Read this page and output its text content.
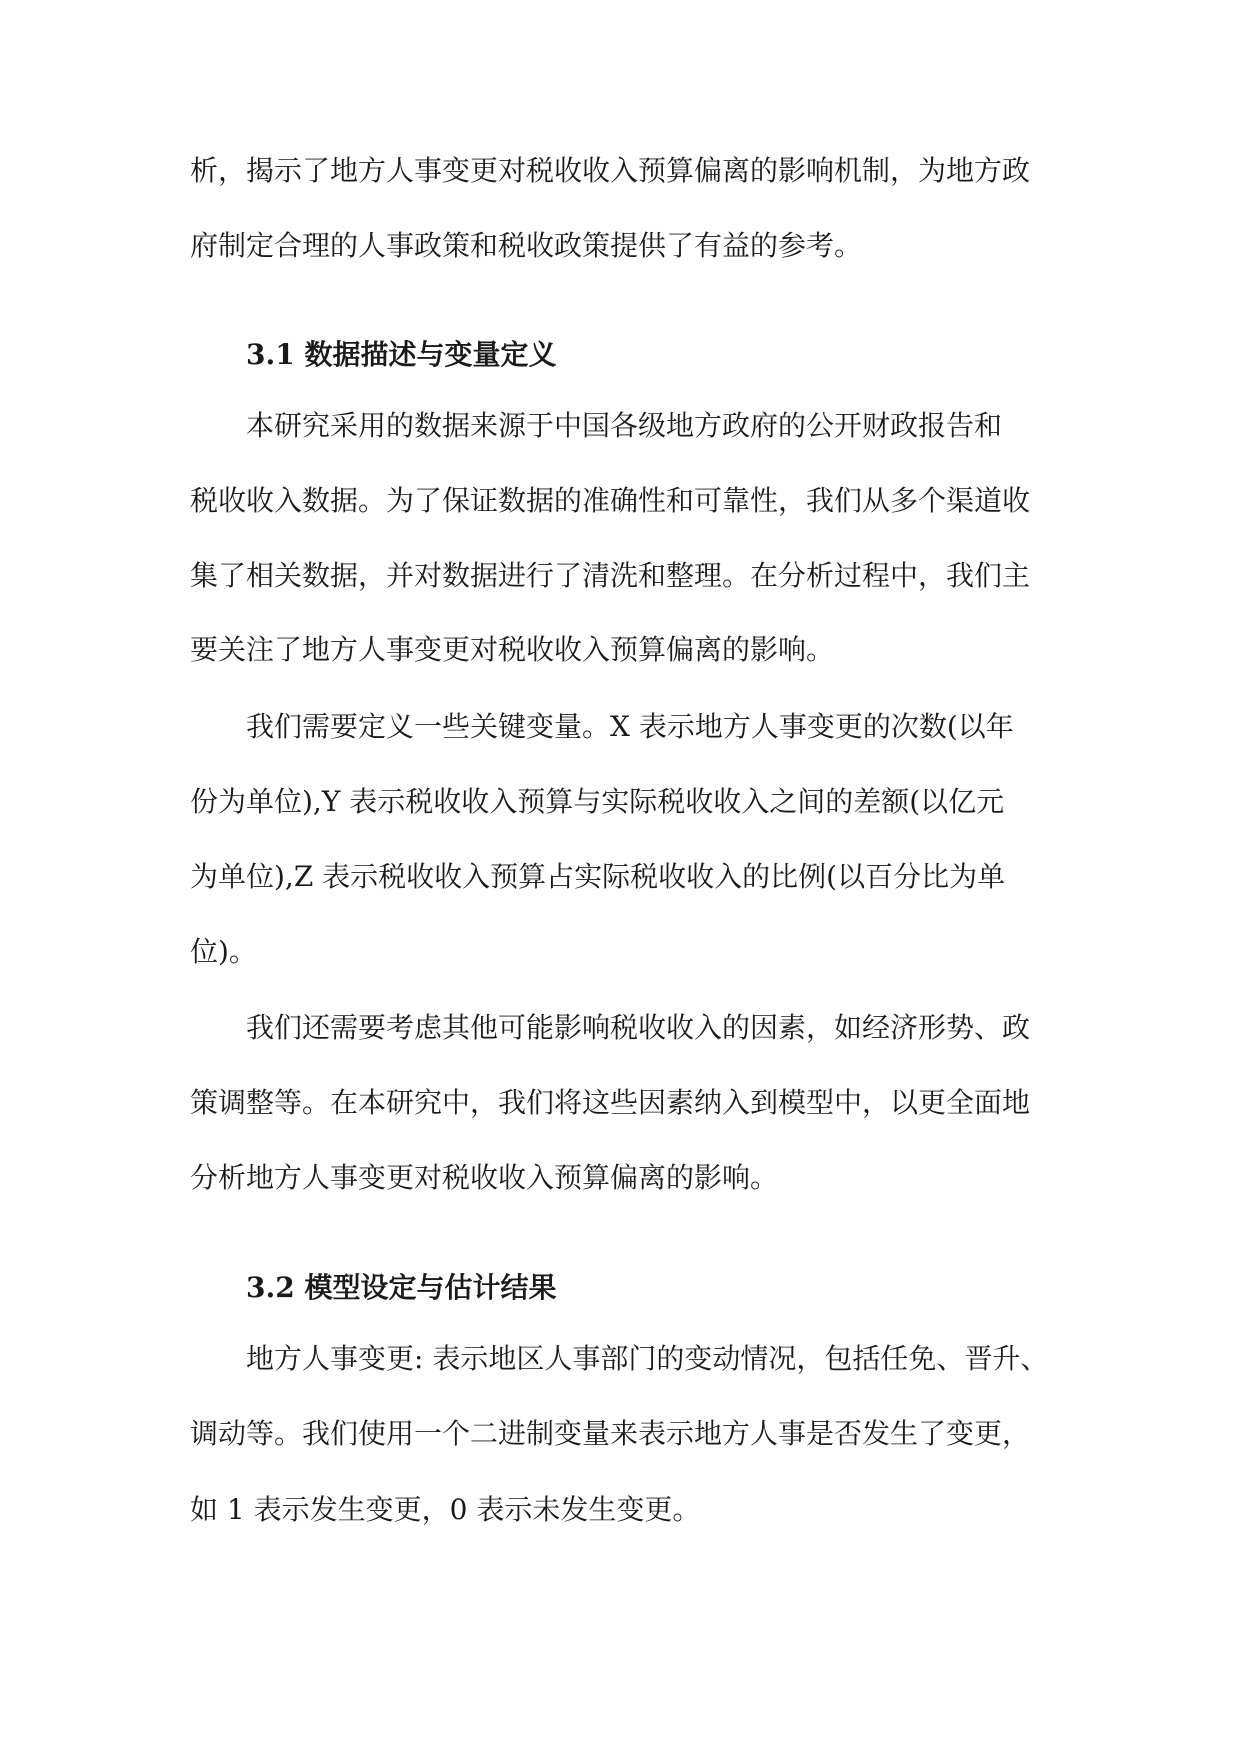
析，揭示了地方人事变更对税收收入预算偏离的影响机制，为地方政
府制定合理的人事政策和税收政策提供了有益的参考。
3.1 数据描述与变量定义
本研究采用的数据来源于中国各级地方政府的公开财政报告和
税收收入数据。为了保证数据的准确性和可靠性，我们从多个渠道收
集了相关数据，并对数据进行了清洗和整理。在分析过程中，我们主
要关注了地方人事变更对税收收入预算偏离的影响。
我们需要定义一些关键变量。X 表示地方人事变更的次数(以年
份为单位),Y 表示税收收入预算与实际税收收入之间的差额(以亿元
为单位),Z 表示税收收入预算占实际税收收入的比例(以百分比为单
位)。
我们还需要考虑其他可能影响税收收入的因素，如经济形势、政
策调整等。在本研究中，我们将这些因素纳入到模型中，以更全面地
分析地方人事变更对税收收入预算偏离的影响。
3.2 模型设定与估计结果
地方人事变更: 表示地区人事部门的变动情况，包括任免、晋升、
调动等。我们使用一个二进制变量来表示地方人事是否发生了变更，
如 1 表示发生变更，0 表示未发生变更。
